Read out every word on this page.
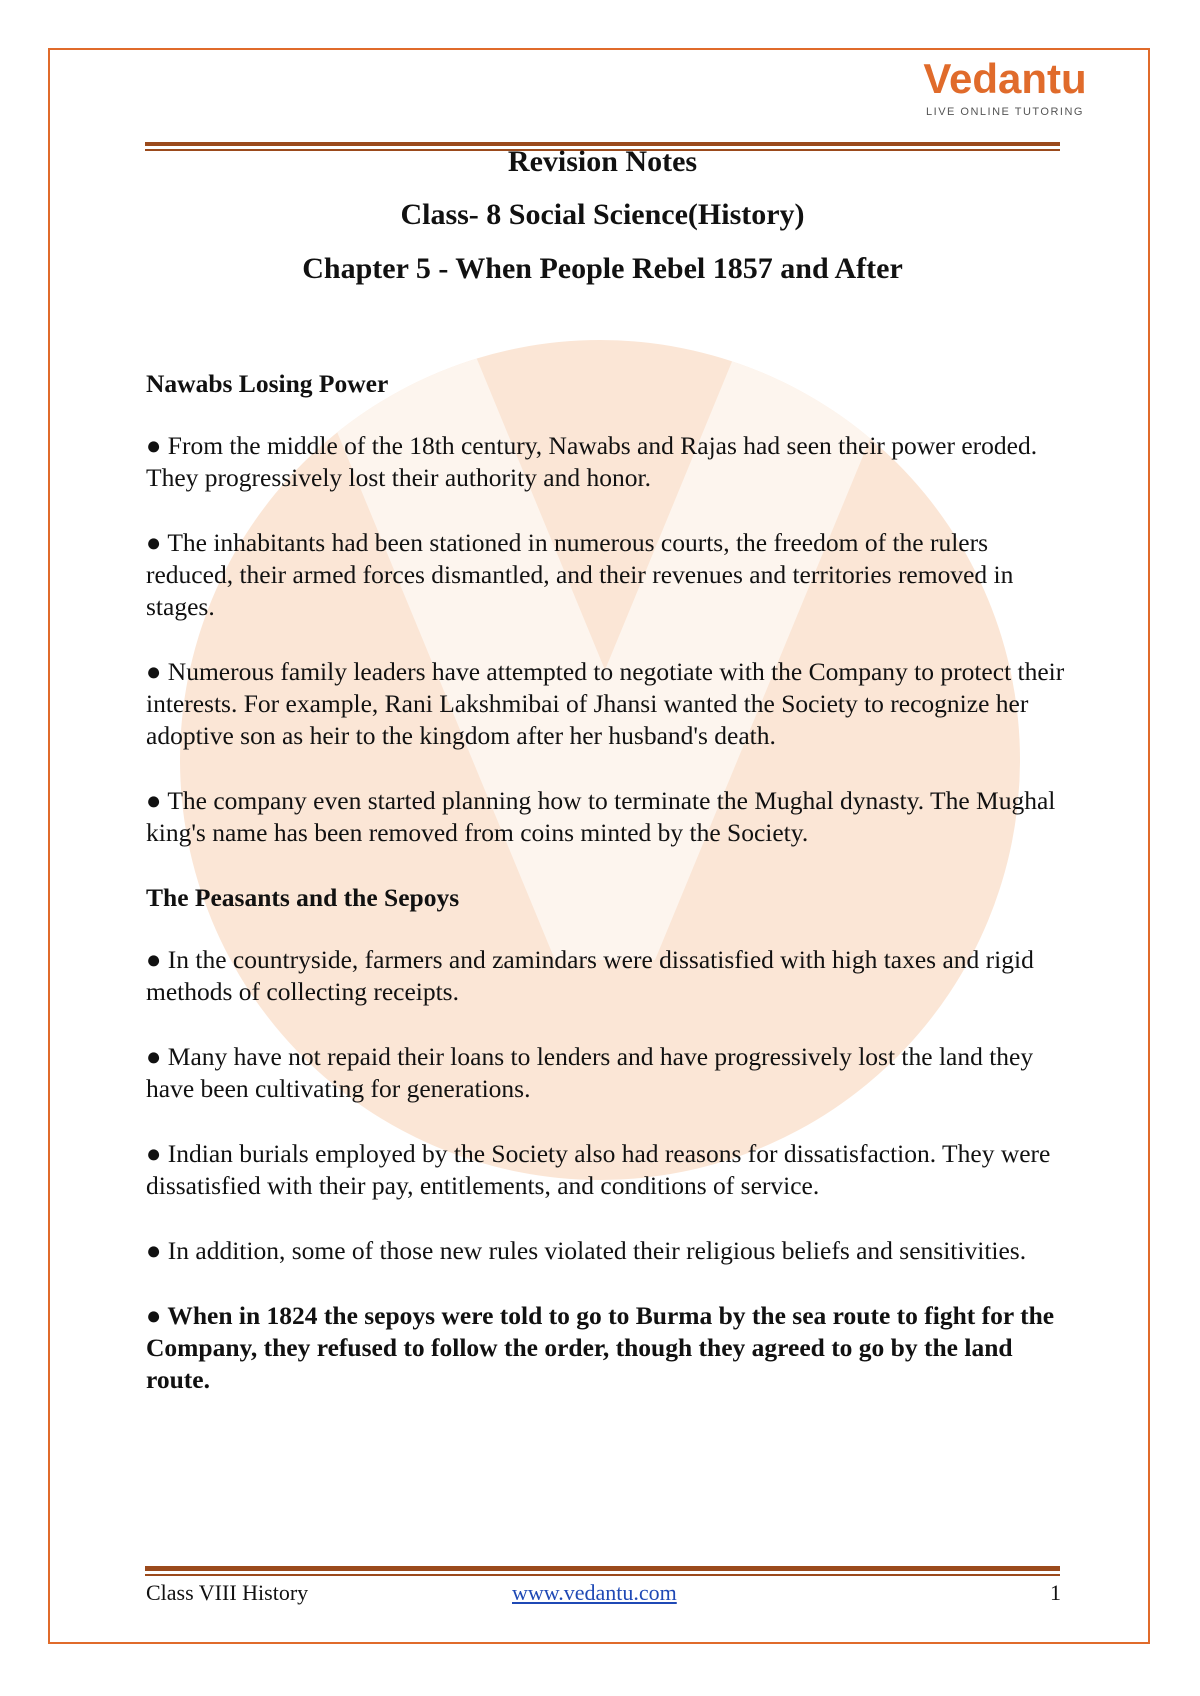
Vedantu
LIVE ONLINE TUTORING
Revision Notes
Class- 8 Social Science(History)
Chapter 5 - When People Rebel 1857 and After
Nawabs Losing Power

● From the middle of the 18th century, Nawabs and Rajas had seen their power eroded. They progressively lost their authority and honor.

● The inhabitants had been stationed in numerous courts, the freedom of the rulers reduced, their armed forces dismantled, and their revenues and territories removed in stages.

● Numerous family leaders have attempted to negotiate with the Company to protect their interests. For example, Rani Lakshmibai of Jhansi wanted the Society to recognize her adoptive son as heir to the kingdom after her husband's death.

● The company even started planning how to terminate the Mughal dynasty. The Mughal king's name has been removed from coins minted by the Society.

The Peasants and the Sepoys

● In the countryside, farmers and zamindars were dissatisfied with high taxes and rigid methods of collecting receipts.

● Many have not repaid their loans to lenders and have progressively lost the land they have been cultivating for generations.

● Indian burials employed by the Society also had reasons for dissatisfaction. They were dissatisfied with their pay, entitlements, and conditions of service.

● In addition, some of those new rules violated their religious beliefs and sensitivities.

● When in 1824 the sepoys were told to go to Burma by the sea route to fight for the Company, they refused to follow the order, though they agreed to go by the land route.

Class VIII History	www.vedantu.com	1
